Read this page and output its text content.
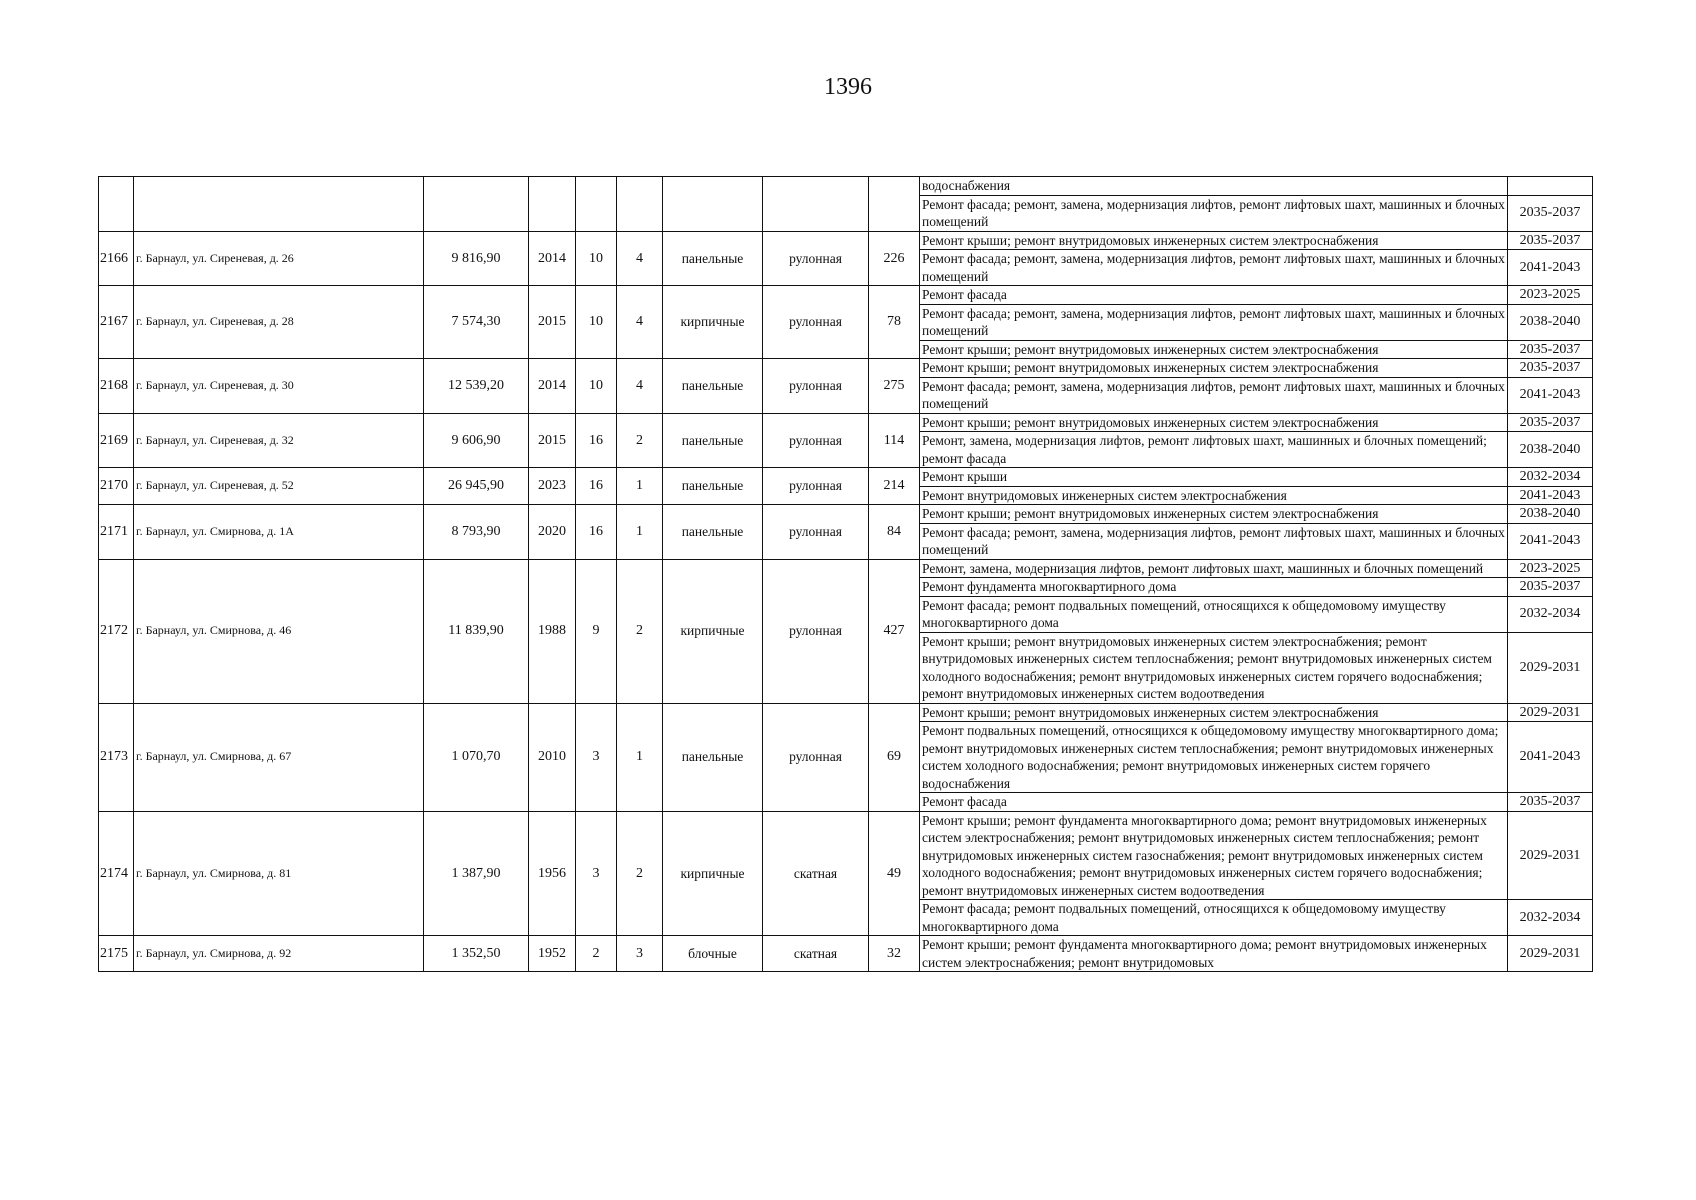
1396
									водоснабжения	
									Ремонт фасада; ремонт, замена, модернизация лифтов, ремонт лифтовых шахт, машинных и блочных помещений	2035-2037
2166	г. Барнаул, ул. Сиреневая, д. 26	9 816,90	2014	10	4	панельные	рулонная	226	Ремонт крыши; ремонт внутридомовых инженерных систем электроснабжения	2035-2037
									Ремонт фасада; ремонт, замена, модернизация лифтов, ремонт лифтовых шахт, машинных и блочных помещений	2041-2043
2167	г. Барнаул, ул. Сиреневая, д. 28	7 574,30	2015	10	4	кирпичные	рулонная	78	Ремонт фасада	2023-2025
									Ремонт фасада; ремонт, замена, модернизация лифтов, ремонт лифтовых шахт, машинных и блочных помещений	2038-2040
									Ремонт крыши; ремонт внутридомовых инженерных систем электроснабжения	2035-2037
2168	г. Барнаул, ул. Сиреневая, д. 30	12 539,20	2014	10	4	панельные	рулонная	275	Ремонт крыши; ремонт внутридомовых инженерных систем электроснабжения	2035-2037
									Ремонт фасада; ремонт, замена, модернизация лифтов, ремонт лифтовых шахт, машинных и блочных помещений	2041-2043
2169	г. Барнаул, ул. Сиреневая, д. 32	9 606,90	2015	16	2	панельные	рулонная	114	Ремонт крыши; ремонт внутридомовых инженерных систем электроснабжения	2035-2037
									Ремонт, замена, модернизация лифтов, ремонт лифтовых шахт, машинных и блочных помещений; ремонт фасада	2038-2040
2170	г. Барнаул, ул. Сиреневая, д. 52	26 945,90	2023	16	1	панельные	рулонная	214	Ремонт крыши	2032-2034
									Ремонт внутридомовых инженерных систем электроснабжения	2041-2043
2171	г. Барнаул, ул. Смирнова, д. 1А	8 793,90	2020	16	1	панельные	рулонная	84	Ремонт крыши; ремонт внутридомовых инженерных систем электроснабжения	2038-2040
									Ремонт фасада; ремонт, замена, модернизация лифтов, ремонт лифтовых шахт, машинных и блочных помещений	2041-2043
2172	г. Барнаул, ул. Смирнова, д. 46	11 839,90	1988	9	2	кирпичные	рулонная	427	Ремонт, замена, модернизация лифтов, ремонт лифтовых шахт, машинных и блочных помещений	2023-2025
									Ремонт фундамента многоквартирного дома	2035-2037
									Ремонт фасада; ремонт подвальных помещений, относящихся к общедомовому имуществу многоквартирного дома	2032-2034
									Ремонт крыши; ремонт внутридомовых инженерных систем электроснабжения; ремонт внутридомовых инженерных систем теплоснабжения; ремонт внутридомовых инженерных систем холодного водоснабжения; ремонт внутридомовых инженерных систем горячего водоснабжения; ремонт внутридомовых инженерных систем водоотведения	2029-2031
2173	г. Барнаул, ул. Смирнова, д. 67	1 070,70	2010	3	1	панельные	рулонная	69	Ремонт крыши; ремонт внутридомовых инженерных систем электроснабжения	2029-2031
									Ремонт подвальных помещений, относящихся к общедомовому имуществу многоквартирного дома; ремонт внутридомовых инженерных систем теплоснабжения; ремонт внутридомовых инженерных систем холодного водоснабжения; ремонт внутридомовых инженерных систем горячего водоснабжения	2041-2043
									Ремонт фасада	2035-2037
2174	г. Барнаул, ул. Смирнова, д. 81	1 387,90	1956	3	2	кирпичные	скатная	49	Ремонт крыши; ремонт фундамента многоквартирного дома; ремонт внутридомовых инженерных систем электроснабжения; ремонт внутридомовых инженерных систем теплоснабжения; ремонт внутридомовых инженерных систем газоснабжения; ремонт внутридомовых инженерных систем холодного водоснабжения; ремонт внутридомовых инженерных систем горячего водоснабжения; ремонт внутридомовых инженерных систем водоотведения	2029-2031
									Ремонт фасада; ремонт подвальных помещений, относящихся к общедомовому имуществу многоквартирного дома	2032-2034
2175	г. Барнаул, ул. Смирнова, д. 92	1 352,50	1952	2	3	блочные	скатная	32	Ремонт крыши; ремонт фундамента многоквартирного дома; ремонт внутридомовых инженерных систем электроснабжения; ремонт внутридомовых	2029-2031
